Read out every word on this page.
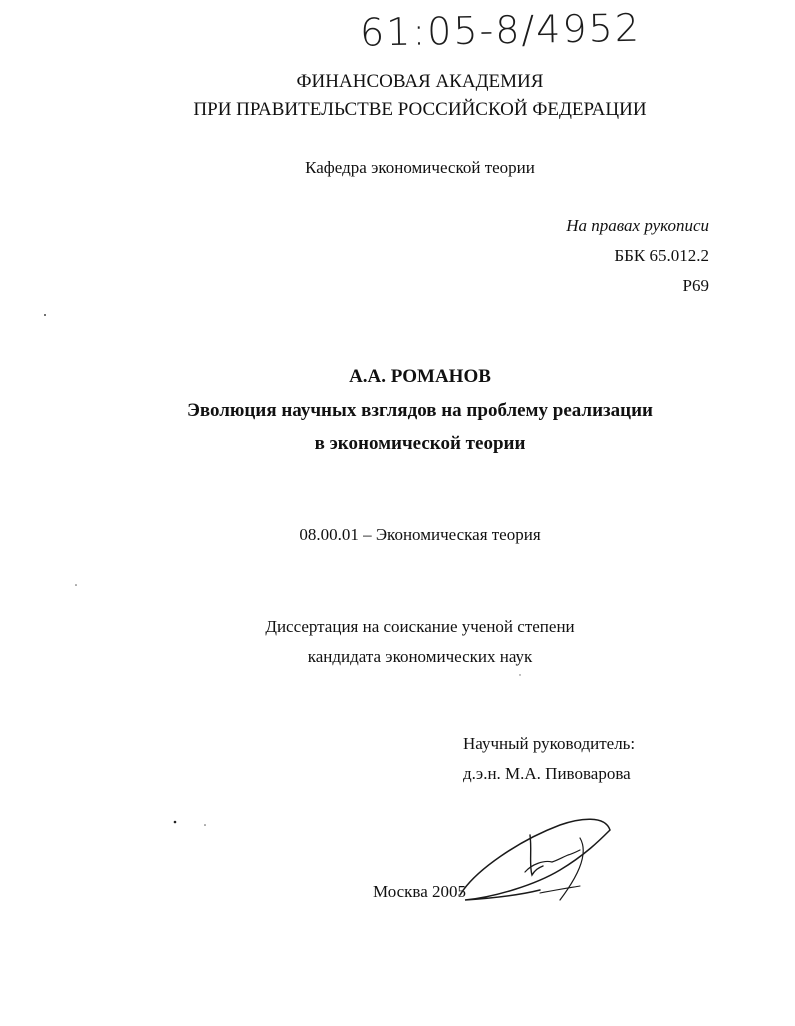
61:05-8/4952
ФИНАНСОВАЯ АКАДЕМИЯ
ПРИ ПРАВИТЕЛЬСТВЕ РОССИЙСКОЙ ФЕДЕРАЦИИ
Кафедра экономической теории
На правах рукописи
ББК 65.012.2
Р69
А.А. РОМАНОВ
Эволюция научных взглядов на проблему реализации
в экономической теории
08.00.01 – Экономическая теория
Диссертация на соискание ученой степени
кандидата экономических наук
Научный руководитель:
д.э.н. М.А. Пивоварова
Москва 2005
